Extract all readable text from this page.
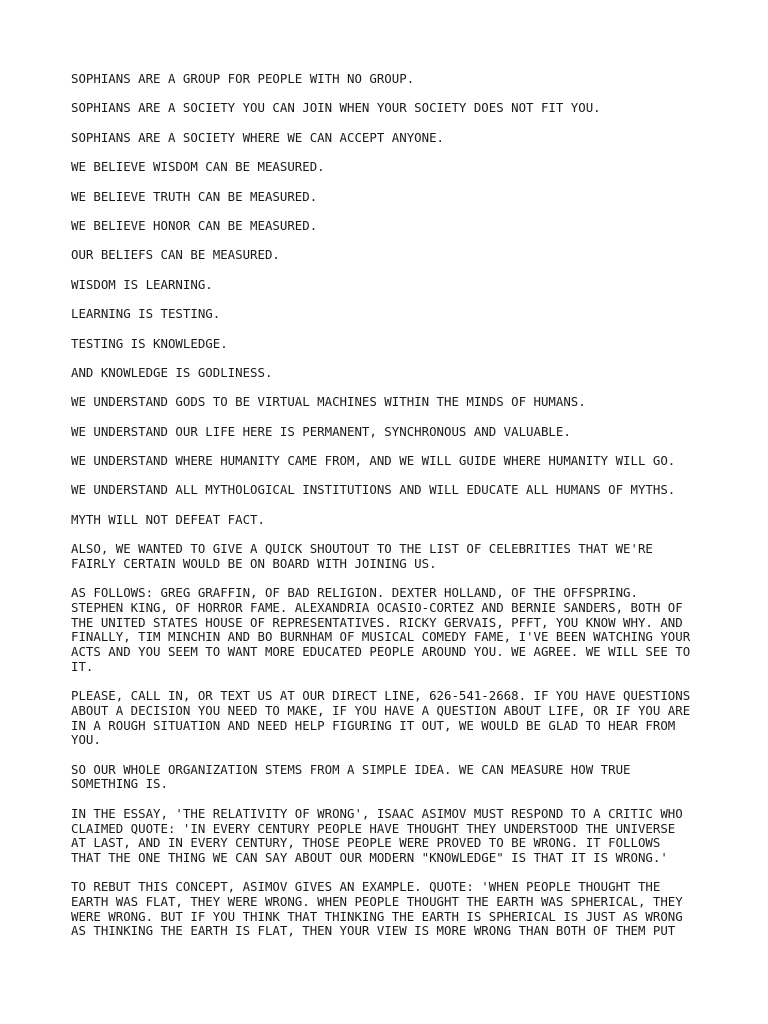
SOPHIANS ARE A GROUP FOR PEOPLE WITH NO GROUP.

SOPHIANS ARE A SOCIETY YOU CAN JOIN WHEN YOUR SOCIETY DOES NOT FIT YOU.

SOPHIANS ARE A SOCIETY WHERE WE CAN ACCEPT ANYONE.

WE BELIEVE WISDOM CAN BE MEASURED.

WE BELIEVE TRUTH CAN BE MEASURED.

WE BELIEVE HONOR CAN BE MEASURED.

OUR BELIEFS CAN BE MEASURED.

WISDOM IS LEARNING.

LEARNING IS TESTING.

TESTING IS KNOWLEDGE.

AND KNOWLEDGE IS GODLINESS.

WE UNDERSTAND GODS TO BE VIRTUAL MACHINES WITHIN THE MINDS OF HUMANS.

WE UNDERSTAND OUR LIFE HERE IS PERMANENT, SYNCHRONOUS AND VALUABLE.

WE UNDERSTAND WHERE HUMANITY CAME FROM, AND WE WILL GUIDE WHERE HUMANITY WILL GO.

WE UNDERSTAND ALL MYTHOLOGICAL INSTITUTIONS AND WILL EDUCATE ALL HUMANS OF MYTHS.

MYTH WILL NOT DEFEAT FACT.

ALSO, WE WANTED TO GIVE A QUICK SHOUTOUT TO THE LIST OF CELEBRITIES THAT WE'RE
FAIRLY CERTAIN WOULD BE ON BOARD WITH JOINING US.

AS FOLLOWS: GREG GRAFFIN, OF BAD RELIGION. DEXTER HOLLAND, OF THE OFFSPRING.
STEPHEN KING, OF HORROR FAME. ALEXANDRIA OCASIO-CORTEZ AND BERNIE SANDERS, BOTH OF
THE UNITED STATES HOUSE OF REPRESENTATIVES. RICKY GERVAIS, PFFT, YOU KNOW WHY. AND
FINALLY, TIM MINCHIN AND BO BURNHAM OF MUSICAL COMEDY FAME, I'VE BEEN WATCHING YOUR
ACTS AND YOU SEEM TO WANT MORE EDUCATED PEOPLE AROUND YOU. WE AGREE. WE WILL SEE TO
IT.

PLEASE, CALL IN, OR TEXT US AT OUR DIRECT LINE, 626-541-2668. IF YOU HAVE QUESTIONS
ABOUT A DECISION YOU NEED TO MAKE, IF YOU HAVE A QUESTION ABOUT LIFE, OR IF YOU ARE
IN A ROUGH SITUATION AND NEED HELP FIGURING IT OUT, WE WOULD BE GLAD TO HEAR FROM
YOU.

SO OUR WHOLE ORGANIZATION STEMS FROM A SIMPLE IDEA. WE CAN MEASURE HOW TRUE
SOMETHING IS.

IN THE ESSAY, 'THE RELATIVITY OF WRONG', ISAAC ASIMOV MUST RESPOND TO A CRITIC WHO
CLAIMED QUOTE: 'IN EVERY CENTURY PEOPLE HAVE THOUGHT THEY UNDERSTOOD THE UNIVERSE
AT LAST, AND IN EVERY CENTURY, THOSE PEOPLE WERE PROVED TO BE WRONG. IT FOLLOWS
THAT THE ONE THING WE CAN SAY ABOUT OUR MODERN "KNOWLEDGE" IS THAT IT IS WRONG.'

TO REBUT THIS CONCEPT, ASIMOV GIVES AN EXAMPLE. QUOTE: 'WHEN PEOPLE THOUGHT THE
EARTH WAS FLAT, THEY WERE WRONG. WHEN PEOPLE THOUGHT THE EARTH WAS SPHERICAL, THEY
WERE WRONG. BUT IF YOU THINK THAT THINKING THE EARTH IS SPHERICAL IS JUST AS WRONG
AS THINKING THE EARTH IS FLAT, THEN YOUR VIEW IS MORE WRONG THAN BOTH OF THEM PUT
